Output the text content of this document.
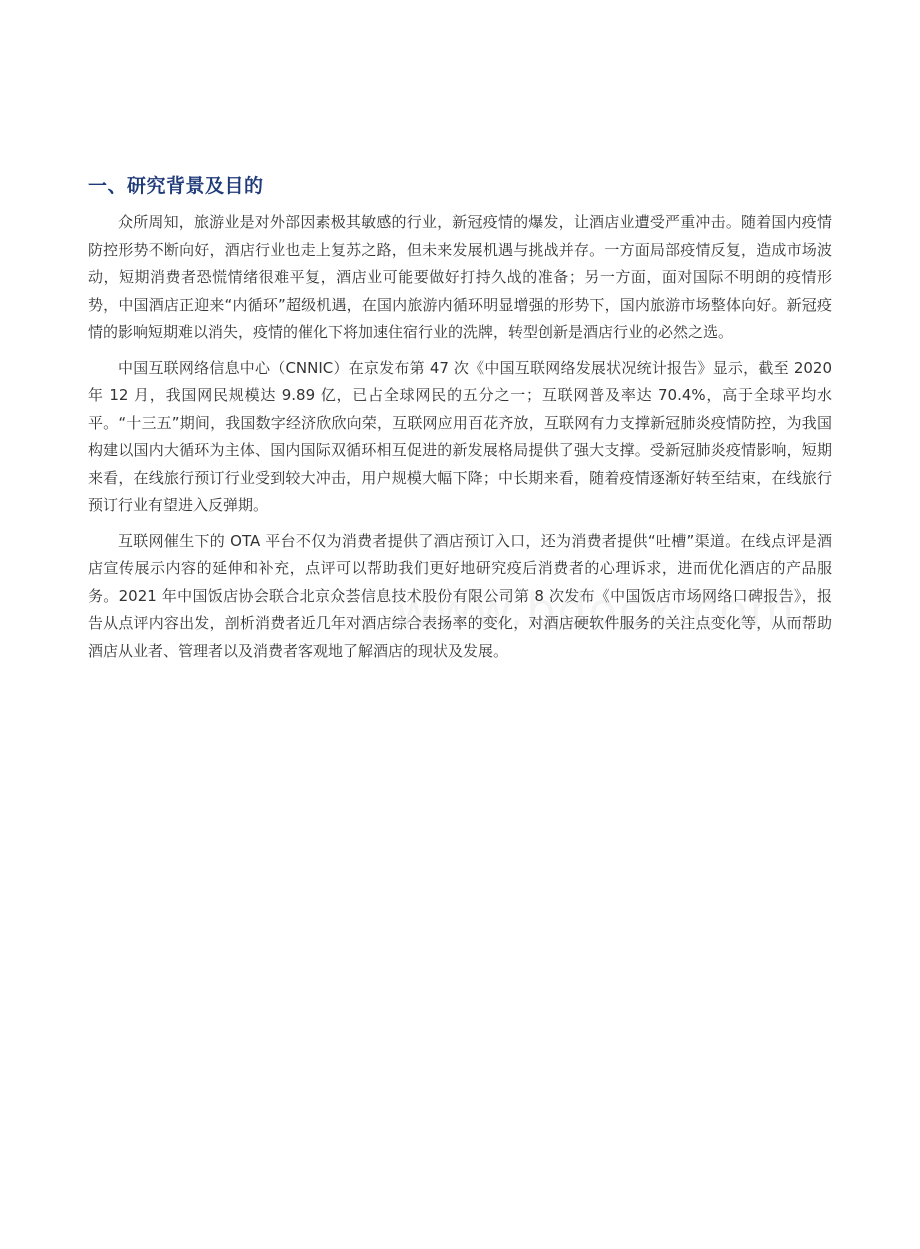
一、研究背景及目的

众所周知，旅游业是对外部因素极其敏感的行业，新冠疫情的爆发，让酒店业遭受严重冲击。随着国内疫情防控形势不断向好，酒店行业也走上复苏之路，但未来发展机遇与挑战并存。一方面局部疫情反复，造成市场波动，短期消费者恐慌情绪很难平复，酒店业可能要做好打持久战的准备；另一方面，面对国际不明朗的疫情形势，中国酒店正迎来“内循环”超级机遇，在国内旅游内循环明显增强的形势下，国内旅游市场整体向好。新冠疫情的影响短期难以消失，疫情的催化下将加速住宿行业的洗牌，转型创新是酒店行业的必然之选。

中国互联网络信息中心（CNNIC）在京发布第 47 次《中国互联网络发展状况统计报告》显示，截至 2020 年 12 月，我国网民规模达 9.89 亿，已占全球网民的五分之一；互联网普及率达 70.4%，高于全球平均水平。“十三五”期间，我国数字经济欣欣向荣，互联网应用百花齐放，互联网有力支撑新冠肺炎疫情防控，为我国构建以国内大循环为主体、国内国际双循环相互促进的新发展格局提供了强大支撑。受新冠肺炎疫情影响，短期来看，在线旅行预订行业受到较大冲击，用户规模大幅下降；中长期来看，随着疫情逐渐好转至结束，在线旅行预订行业有望进入反弹期。

互联网催生下的 OTA 平台不仅为消费者提供了酒店预订入口，还为消费者提供“吐槽”渠道。在线点评是酒店宣传展示内容的延伸和补充，点评可以帮助我们更好地研究疫后消费者的心理诉求，进而优化酒店的产品服务。2021 年中国饭店协会联合北京众荟信息技术股份有限公司第 8 次发布《中国饭店市场网络口碑报告》，报告从点评内容出发，剖析消费者近几年对酒店综合表扬率的变化，对酒店硬软件服务的关注点变化等，从而帮助酒店从业者、管理者以及消费者客观地了解酒店的现状及发展。
